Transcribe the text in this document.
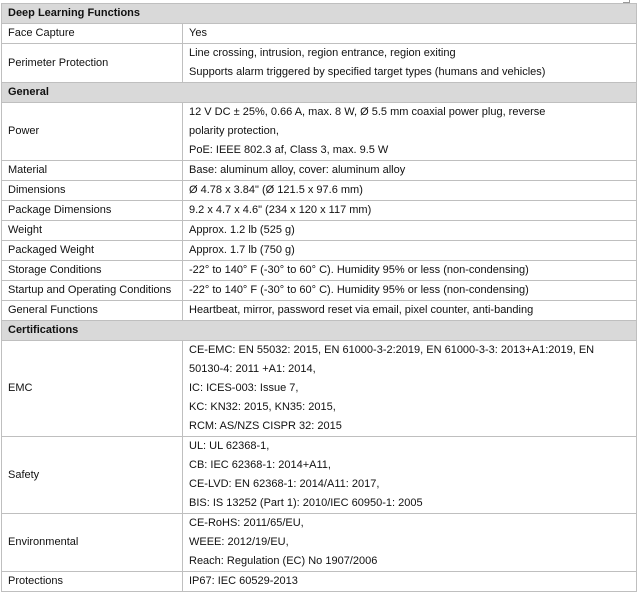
Deep Learning Functions	
Face Capture	Yes

Perimeter Protection	Line crossing, intrusion, region entrance, region exiting
Supports alarm triggered by specified target types (humans and vehicles)

General	
Power	12 V DC ± 25%, 0.66 A, max. 8 W, Ø 5.5 mm coaxial power plug, reverse
polarity protection,
PoE: IEEE 802.3 af, Class 3, max. 9.5 W

Material	Base: aluminum alloy, cover: aluminum alloy

Dimensions	Ø 4.78 x 3.84" (Ø 121.5 x 97.6 mm)

Package Dimensions	9.2 x 4.7 x 4.6" (234 x 120 x 117 mm)

Weight	Approx. 1.2 lb (525 g)

Packaged Weight	Approx. 1.7 lb (750 g)

Storage Conditions	-22° to 140° F (-30° to 60° C). Humidity 95% or less (non-condensing)

Startup and Operating Conditions	-22° to 140° F (-30° to 60° C). Humidity 95% or less (non-condensing)

General Functions	Heartbeat, mirror, password reset via email, pixel counter, anti-banding

Certifications	
EMC	CE-EMC: EN 55032: 2015, EN 61000-3-2:2019, EN 61000-3-3: 2013+A1:2019, EN
50130-4: 2011 +A1: 2014,
IC: ICES-003: Issue 7,
KC: KN32: 2015, KN35: 2015,
RCM: AS/NZS CISPR 32: 2015

Safety	UL: UL 62368-1,
CB: IEC 62368-1: 2014+A11,
CE-LVD: EN 62368-1: 2014/A11: 2017,
BIS: IS 13252 (Part 1): 2010/IEC 60950-1: 2005

Environmental	CE-RoHS: 2011/65/EU,
WEEE: 2012/19/EU,
Reach: Regulation (EC) No 1907/2006

Protections	IP67: IEC 60529-2013
